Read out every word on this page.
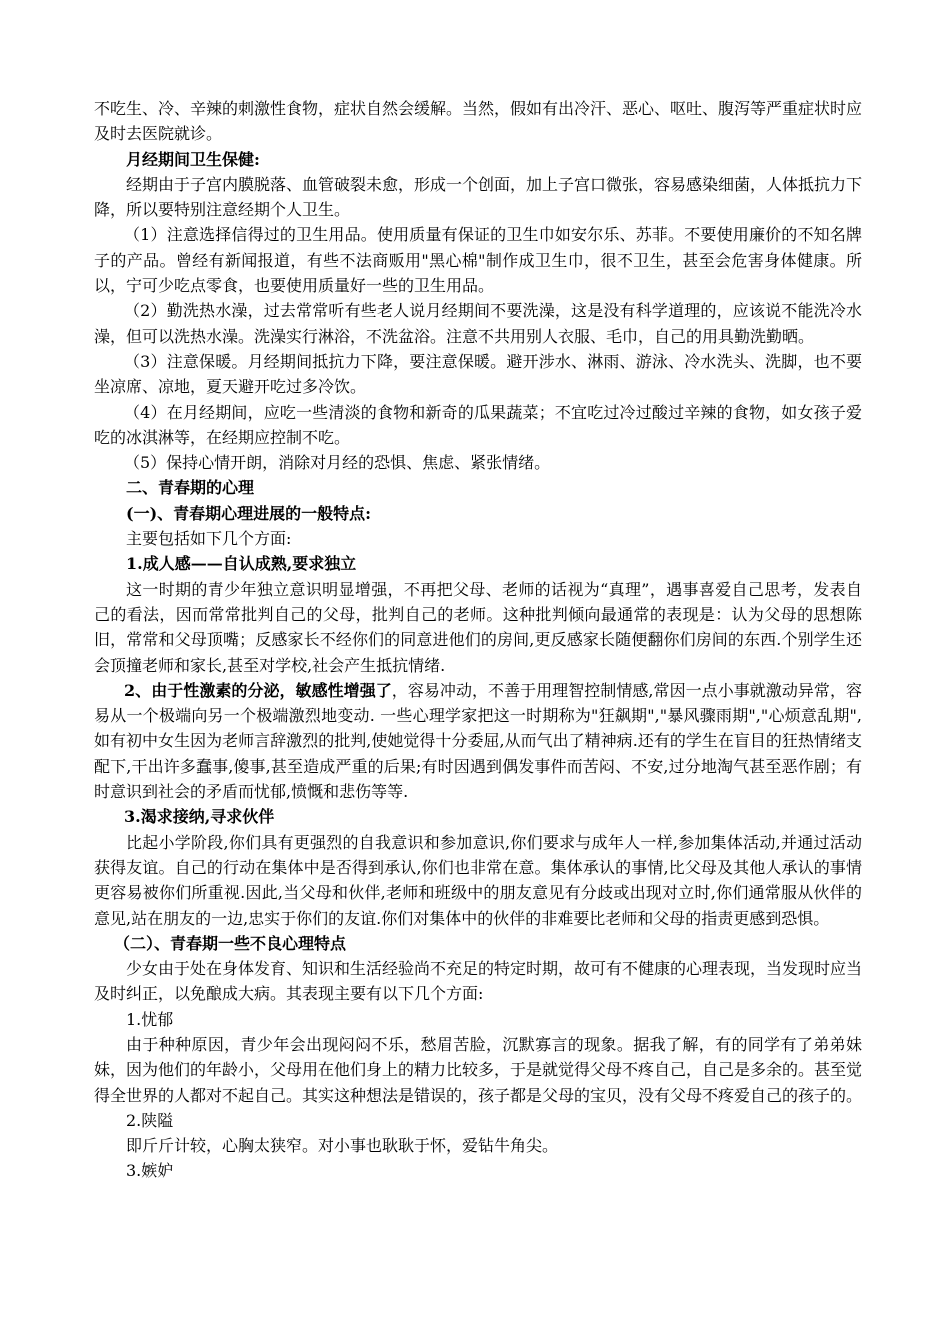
不吃生、冷、辛辣的刺激性食物，症状自然会缓解。当然，假如有出冷汗、恶心、呕吐、腹泻等严重症状时应及时去医院就诊。

月经期间卫生保健:

经期由于子宫内膜脱落、血管破裂未愈，形成一个创面，加上子宫口微张，容易感染细菌，人体抵抗力下降，所以要特别注意经期个人卫生。

（1）注意选择信得过的卫生用品。使用质量有保证的卫生巾如安尔乐、苏菲。不要使用廉价的不知名牌子的产品。曾经有新闻报道，有些不法商贩用"黑心棉"制作成卫生巾，很不卫生，甚至会危害身体健康。所以，宁可少吃点零食，也要使用质量好一些的卫生用品。

（2）勤洗热水澡，过去常常听有些老人说月经期间不要洗澡，这是没有科学道理的，应该说不能洗冷水澡，但可以洗热水澡。洗澡实行淋浴，不洗盆浴。注意不共用别人衣服、毛巾，自己的用具勤洗勤晒。

（3）注意保暖。月经期间抵抗力下降，要注意保暖。避开涉水、淋雨、游泳、冷水洗头、洗脚，也不要坐凉席、凉地，夏天避开吃过多冷饮。

（4）在月经期间，应吃一些清淡的食物和新奇的瓜果蔬菜；不宜吃过冷过酸过辛辣的食物，如女孩子爱吃的冰淇淋等，在经期应控制不吃。

（5）保持心情开朗，消除对月经的恐惧、焦虑、紧张情绪。

二、青春期的心理

(一)、青春期心理进展的一般特点:

主要包括如下几个方面:

1.成人感——自认成熟,要求独立

这一时期的青少年独立意识明显增强，不再把父母、老师的话视为“真理”，遇事喜爱自己思考，发表自己的看法，因而常常批判自己的父母，批判自己的老师。这种批判倾向最通常的表现是：认为父母的思想陈旧，常常和父母顶嘴；反感家长不经你们的同意进他们的房间,更反感家长随便翻你们房间的东西.个别学生还会顶撞老师和家长,甚至对学校,社会产生抵抗情绪.

2、由于性激素的分泌，敏感性增强了，容易冲动，不善于用理智控制情感,常因一点小事就激动异常，容易从一个极端向另一个极端激烈地变动. 一些心理学家把这一时期称为"狂飙期","暴风骤雨期","心烦意乱期",如有初中女生因为老师言辞激烈的批判,使她觉得十分委屈,从而气出了精神病.还有的学生在盲目的狂热情绪支配下,干出许多蠢事,傻事,甚至造成严重的后果;有时因遇到偶发事件而苦闷、不安,过分地淘气甚至恶作剧；有时意识到社会的矛盾而忧郁,愤慨和悲伤等等.

3.渴求接纳,寻求伙伴

比起小学阶段,你们具有更强烈的自我意识和参加意识,你们要求与成年人一样,参加集体活动,并通过活动获得友谊。自己的行动在集体中是否得到承认,你们也非常在意。集体承认的事情,比父母及其他人承认的事情更容易被你们所重视.因此,当父母和伙伴,老师和班级中的朋友意见有分歧或出现对立时,你们通常服从伙伴的意见,站在朋友的一边,忠实于你们的友谊.你们对集体中的伙伴的非难要比老师和父母的指责更感到恐惧。

（二）、青春期一些不良心理特点

少女由于处在身体发育、知识和生活经验尚不充足的特定时期，故可有不健康的心理表现，当发现时应当及时纠正，以免酿成大病。其表现主要有以下几个方面:

1.忧郁

由于种种原因，青少年会出现闷闷不乐，愁眉苦脸，沉默寡言的现象。据我了解，有的同学有了弟弟妹妹，因为他们的年龄小，父母用在他们身上的精力比较多，于是就觉得父母不疼自己，自己是多余的。甚至觉得全世界的人都对不起自己。其实这种想法是错误的，孩子都是父母的宝贝，没有父母不疼爱自己的孩子的。

2.陕隘

即斤斤计较，心胸太狭窄。对小事也耿耿于怀，爱钻牛角尖。

3.嫉妒
